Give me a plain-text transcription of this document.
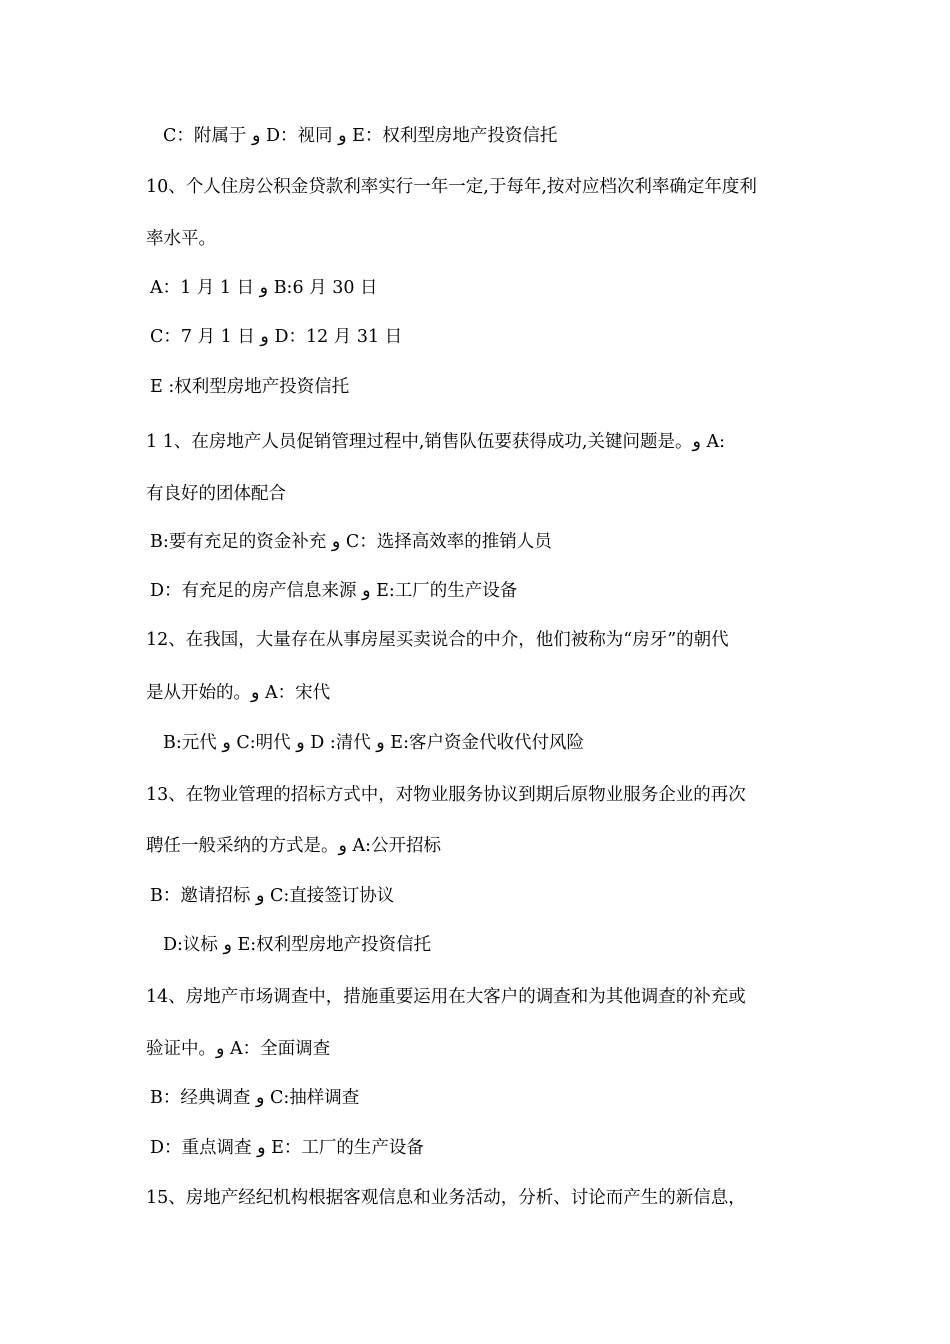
C：附属于 و D：视同 و E：权利型房地产投资信托
10、个人住房公积金贷款利率实行一年一定,于每年,按对应档次利率确定年度利
率水平。
A：1 月 1 日 و B:6 月 30 日
C：7 月 1 日 و D：12 月 31 日
E :权利型房地产投资信托
1 1、在房地产人员促销管理过程中,销售队伍要获得成功,关键问题是。و A:
有良好的团体配合
B:要有充足的资金补充 و C：选择高效率的推销人员
D：有充足的房产信息来源 و E:工厂的生产设备
12、在我国，大量存在从事房屋买卖说合的中介，他们被称为“房牙”的朝代
是从开始的。و A：宋代
B:元代 و C:明代 و D :清代 و E:客户资金代收代付风险
13、在物业管理的招标方式中，对物业服务协议到期后原物业服务企业的再次
聘任一般采纳的方式是。و A:公开招标
B：邀请招标 و C:直接签订协议
D:议标 و E:权利型房地产投资信托
14、房地产市场调查中，措施重要运用在大客户的调查和为其他调查的补充或
验证中。و A：全面调查
B：经典调查 و C:抽样调查
D：重点调查 و E：工厂的生产设备
15、房地产经纪机构根据客观信息和业务活动，分析、讨论而产生的新信息，
